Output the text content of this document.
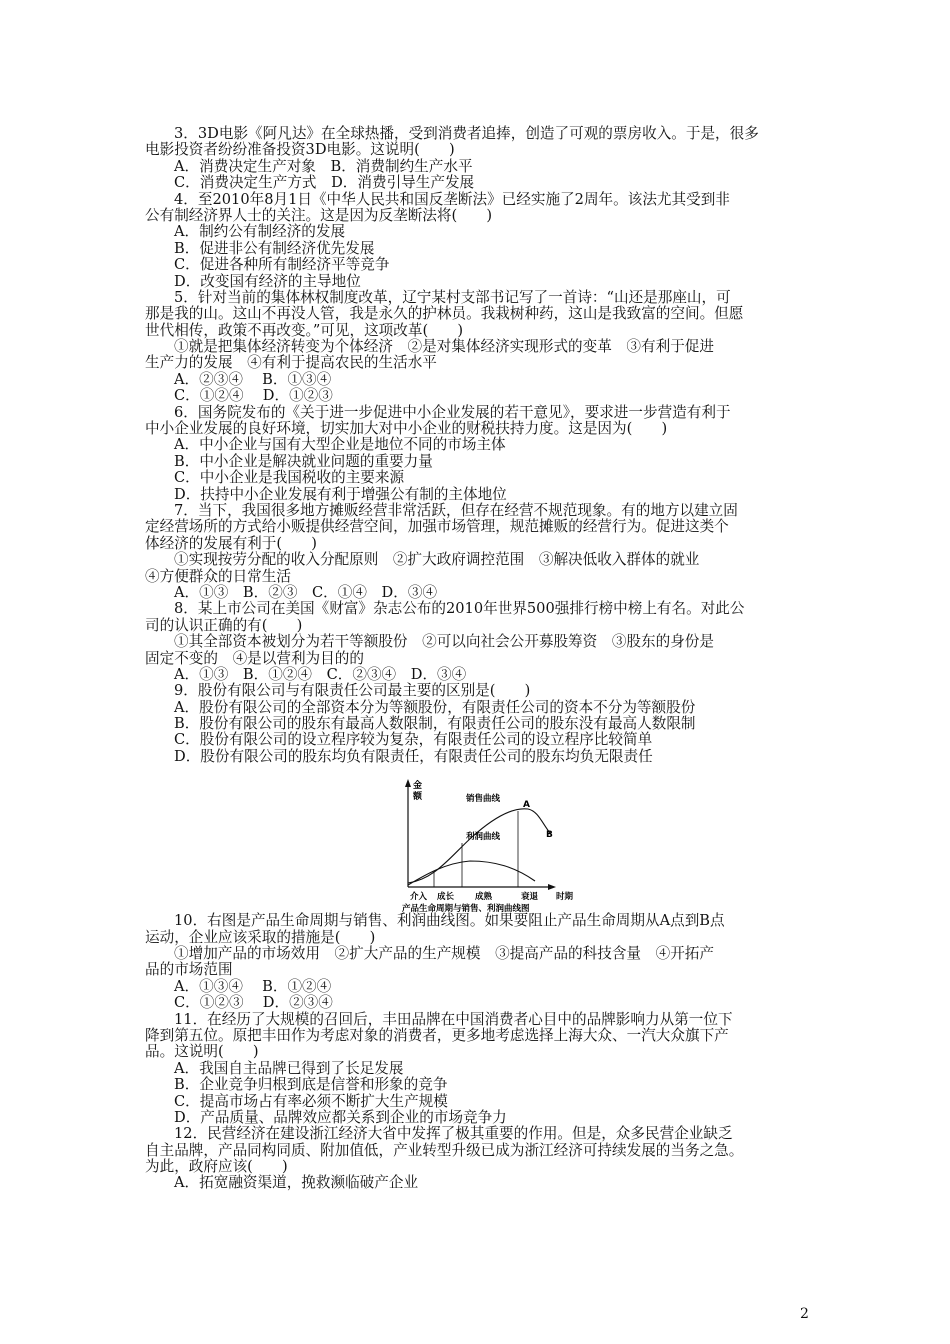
3．3D电影《阿凡达》在全球热播，受到消费者追捧，创造了可观的票房收入。于是，很多
电影投资者纷纷准备投资3D电影。这说明(　　)
A．消费决定生产对象　B．消费制约生产水平
C．消费决定生产方式　D．消费引导生产发展
4．至2010年8月1日《中华人民共和国反垄断法》已经实施了2周年。该法尤其受到非
公有制经济界人士的关注。这是因为反垄断法将(　　)
A．制约公有制经济的发展
B．促进非公有制经济优先发展
C．促进各种所有制经济平等竞争
D．改变国有经济的主导地位
5．针对当前的集体林权制度改革，辽宁某村支部书记写了一首诗：“山还是那座山，可
那是我的山。这山不再没人管，我是永久的护林员。我栽树种药，这山是我致富的空间。但愿
世代相传，政策不再改变。”可见，这项改革(　　)
①就是把集体经济转变为个体经济　②是对集体经济实现形式的变革　③有利于促进
生产力的发展　④有利于提高农民的生活水平
A．②③④　 B．①③④
C．①②④　 D．①②③
6．国务院发布的《关于进一步促进中小企业发展的若干意见》，要求进一步营造有利于
中小企业发展的良好环境，切实加大对中小企业的财税扶持力度。这是因为(　　)
A．中小企业与国有大型企业是地位不同的市场主体
B．中小企业是解决就业问题的重要力量
C．中小企业是我国税收的主要来源
D．扶持中小企业发展有利于增强公有制的主体地位
7．当下，我国很多地方摊贩经营非常活跃，但存在经营不规范现象。有的地方以建立固
定经营场所的方式给小贩提供经营空间，加强市场管理，规范摊贩的经营行为。促进这类个
体经济的发展有利于(　　)
①实现按劳分配的收入分配原则　②扩大政府调控范围　③解决低收入群体的就业
④方便群众的日常生活
A．①③　B．②③　C．①④　D．③④
8．某上市公司在美国《财富》杂志公布的2010年世界500强排行榜中榜上有名。对此公
司的认识正确的有(　　)
①其全部资本被划分为若干等额股份　②可以向社会公开募股筹资　③股东的身份是
固定不变的　④是以营利为目的的
A．①③　B．①②④　C．②③④　D．③④
9．股份有限公司与有限责任公司最主要的区别是(　　)
A．股份有限公司的全部资本分为等额股份，有限责任公司的资本不分为等额股份
B．股份有限公司的股东有最高人数限制，有限责任公司的股东没有最高人数限制
C．股份有限公司的设立程序较为复杂，有限责任公司的设立程序比较简单
D．股份有限公司的股东均负有限责任，有限责任公司的股东均负无限责任
金
额	销售曲线
利润曲线
A
B
介入 成长 成熟	衰退 时期
产品生命周期与销售、利润曲线图
10．右图是产品生命周期与销售、利润曲线图。如果要阻止产品生命周期从A点到B点
运动，企业应该采取的措施是(　　)
①增加产品的市场效用　②扩大产品的生产规模　③提高产品的科技含量　④开拓产
品的市场范围
A．①③④　 B．①②④
C．①②③　 D．②③④
11．在经历了大规模的召回后，丰田品牌在中国消费者心目中的品牌影响力从第一位下
降到第五位。原把丰田作为考虑对象的消费者，更多地考虑选择上海大众、一汽大众旗下产
品。这说明(　　)
A．我国自主品牌已得到了长足发展
B．企业竞争归根到底是信誉和形象的竞争
C．提高市场占有率必须不断扩大生产规模
D．产品质量、品牌效应都关系到企业的市场竞争力
12．民营经济在建设浙江经济大省中发挥了极其重要的作用。但是，众多民营企业缺乏
自主品牌，产品同构同质、附加值低，产业转型升级已成为浙江经济可持续发展的当务之急。
为此，政府应该(　　)
A．拓宽融资渠道，挽救濒临破产企业
2
